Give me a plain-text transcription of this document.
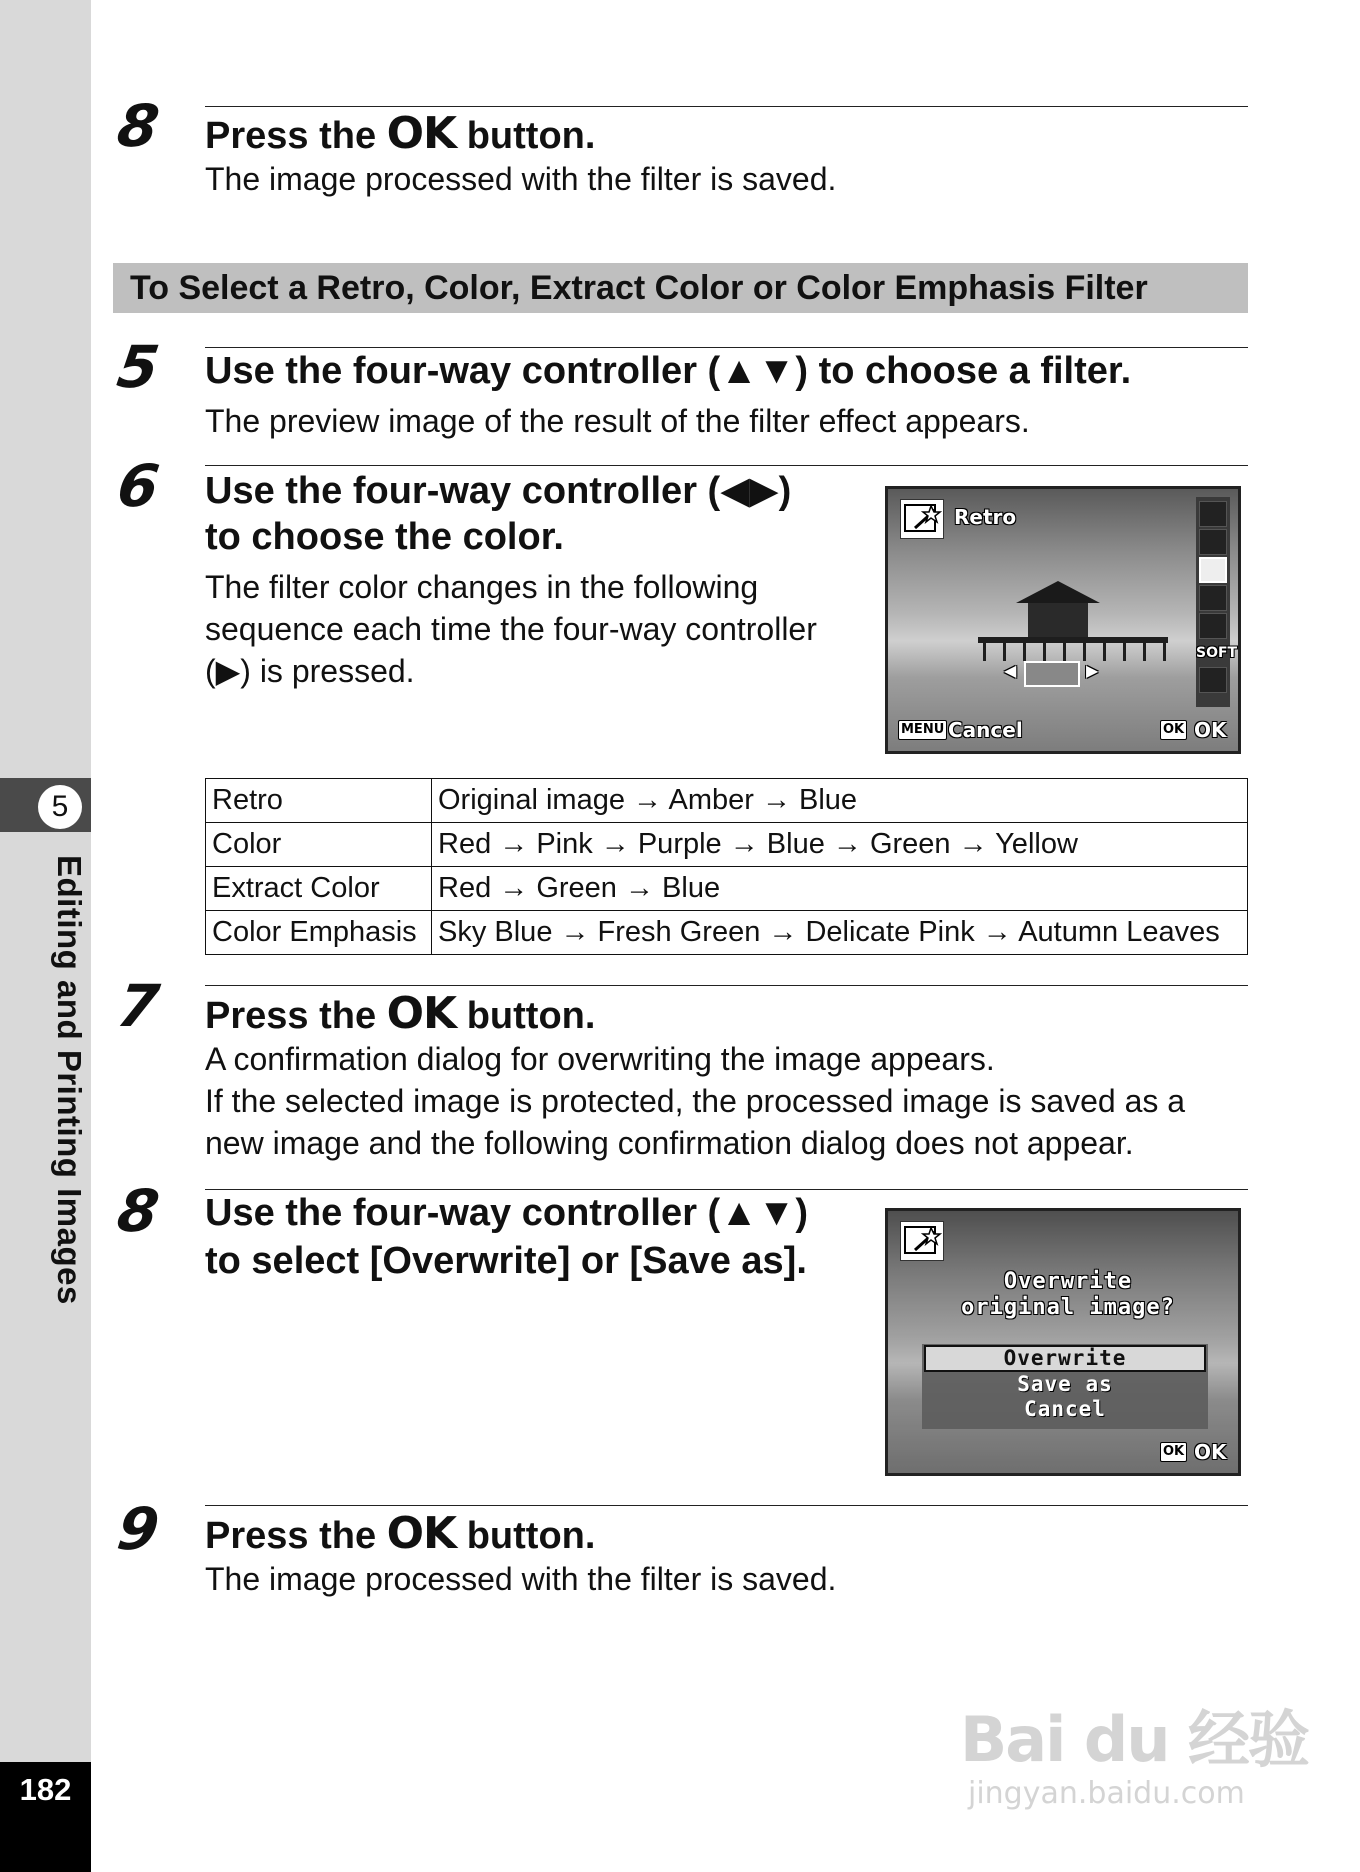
5
Editing and Printing Images
182
8 Press the OK button.
The image processed with the filter is saved.
To Select a Retro, Color, Extract Color or Color Emphasis Filter
5 Use the four-way controller (▲▼) to choose a filter.
The preview image of the result of the filter effect appears.
6 Use the four-way controller (◀▶)
to choose the color.
The filter color changes in the following
sequence each time the four-way controller
(▶) is pressed.
Retro
SOFT
◀	▶
MENU Cancel	OK OK
Retro	Original image → Amber → Blue
Color	Red → Pink → Purple → Blue → Green → Yellow
Extract Color	Red → Green → Blue
Color Emphasis	Sky Blue → Fresh Green → Delicate Pink → Autumn Leaves
7 Press the OK button.
A confirmation dialog for overwriting the image appears.
If the selected image is protected, the processed image is saved as a
new image and the following confirmation dialog does not appear.
8 Use the four-way controller (▲▼)
to select [Overwrite] or [Save as].	Overwrite
original image?
Overwrite
Save as
Cancel
OK OK
9 Press the OK button.
The image processed with the filter is saved.
Bai du 经验
jingyan.baidu.com
